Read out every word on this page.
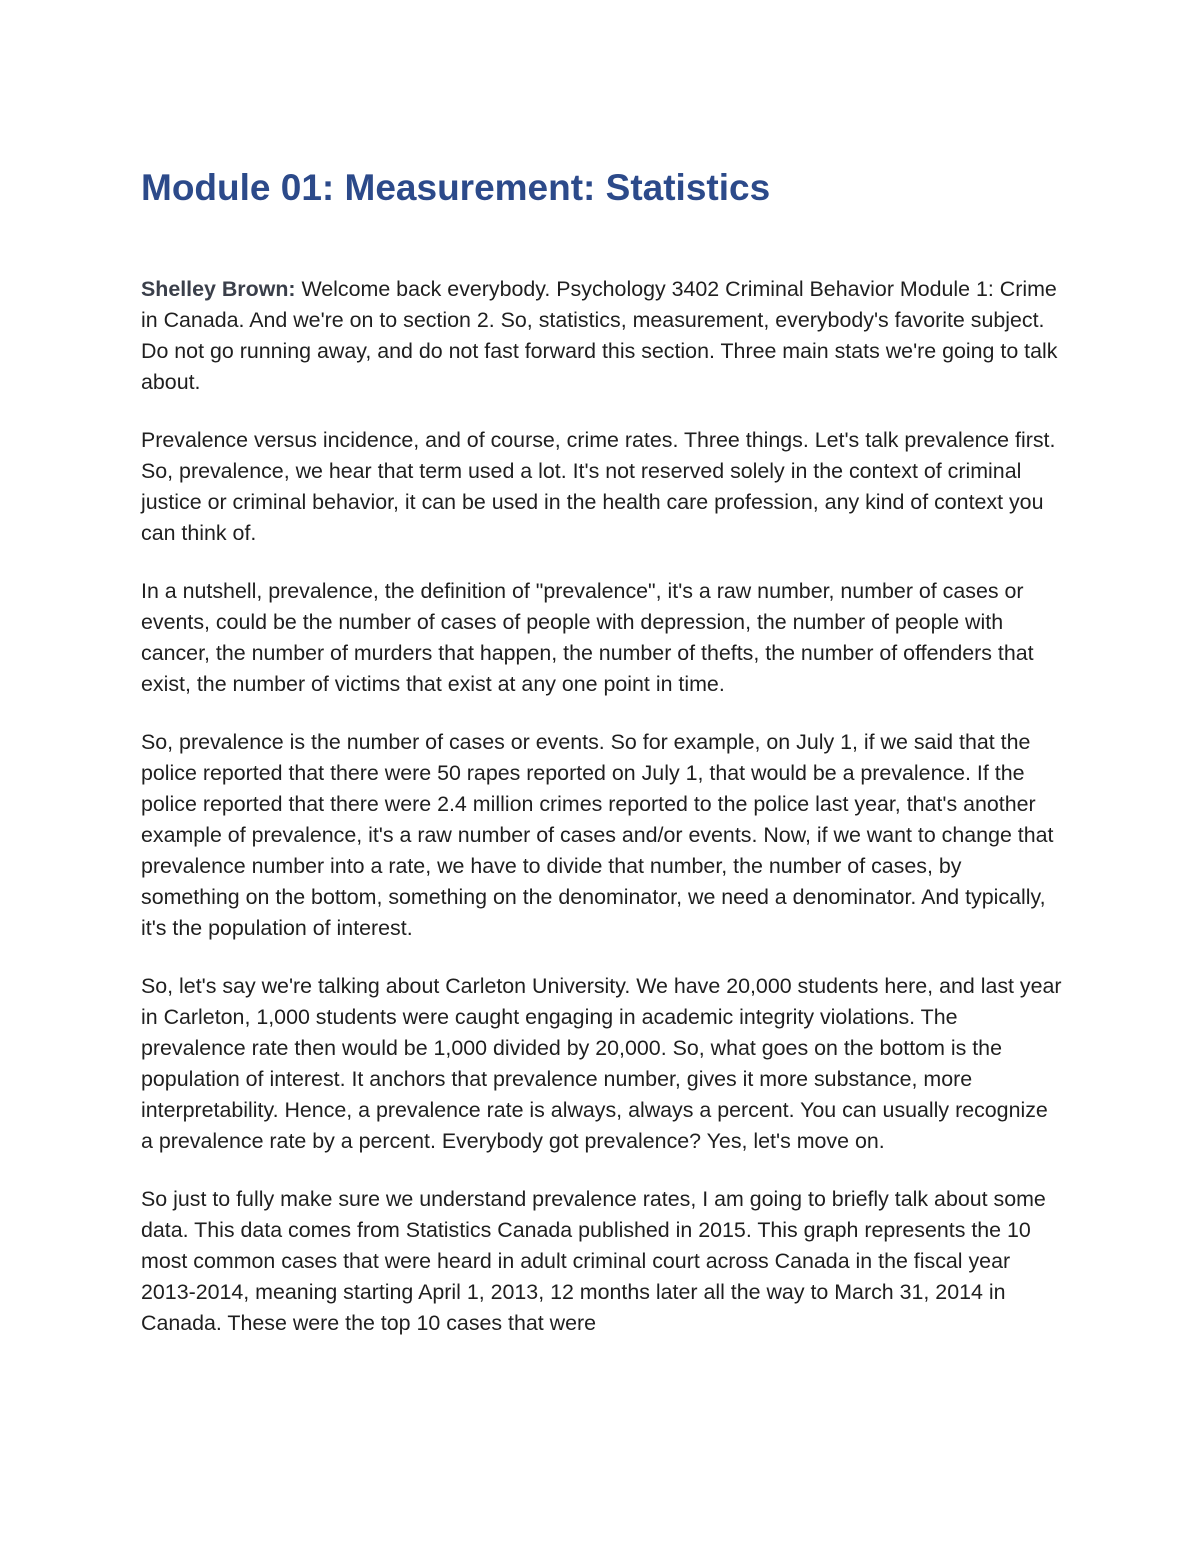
Module 01: Measurement: Statistics

Shelley Brown: Welcome back everybody. Psychology 3402 Criminal Behavior Module 1: Crime in Canada. And we're on to section 2. So, statistics, measurement, everybody's favorite subject. Do not go running away, and do not fast forward this section. Three main stats we're going to talk about.

Prevalence versus incidence, and of course, crime rates. Three things. Let's talk prevalence first. So, prevalence, we hear that term used a lot. It's not reserved solely in the context of criminal justice or criminal behavior, it can be used in the health care profession, any kind of context you can think of.

In a nutshell, prevalence, the definition of "prevalence", it's a raw number, number of cases or events, could be the number of cases of people with depression, the number of people with cancer, the number of murders that happen, the number of thefts, the number of offenders that exist, the number of victims that exist at any one point in time.

So, prevalence is the number of cases or events. So for example, on July 1, if we said that the police reported that there were 50 rapes reported on July 1, that would be a prevalence. If the police reported that there were 2.4 million crimes reported to the police last year, that's another example of prevalence, it's a raw number of cases and/or events. Now, if we want to change that prevalence number into a rate, we have to divide that number, the number of cases, by something on the bottom, something on the denominator, we need a denominator. And typically, it's the population of interest.

So, let's say we're talking about Carleton University. We have 20,000 students here, and last year in Carleton, 1,000 students were caught engaging in academic integrity violations. The prevalence rate then would be 1,000 divided by 20,000. So, what goes on the bottom is the population of interest. It anchors that prevalence number, gives it more substance, more interpretability. Hence, a prevalence rate is always, always a percent. You can usually recognize a prevalence rate by a percent. Everybody got prevalence? Yes, let's move on.

So just to fully make sure we understand prevalence rates, I am going to briefly talk about some data. This data comes from Statistics Canada published in 2015. This graph represents the 10 most common cases that were heard in adult criminal court across Canada in the fiscal year 2013-2014, meaning starting April 1, 2013, 12 months later all the way to March 31, 2014 in Canada. These were the top 10 cases that were
